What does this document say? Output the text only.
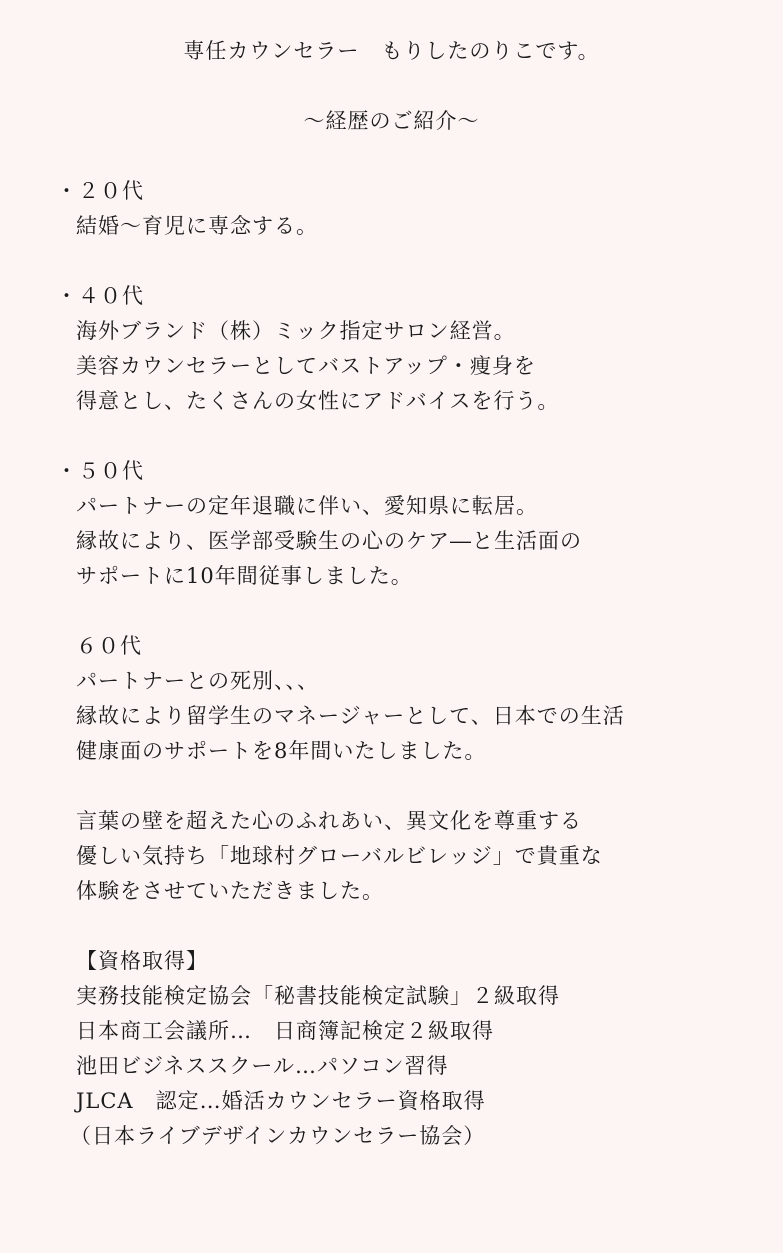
専任カウンセラー　もりしたのりこです。
～経歴のご紹介～
・２０代
結婚～育児に専念する。
・４０代
海外ブランド（株）ミック指定サロン経営。
美容カウンセラーとしてバストアップ・痩身を
得意とし、たくさんの女性にアドバイスを行う。
・５０代
パートナーの定年退職に伴い、愛知県に転居。
縁故により、医学部受験生の心のケア―と生活面の
サポートに10年間従事しました。
６０代
パートナーとの死別、、、
縁故により留学生のマネージャーとして、日本での生活
健康面のサポートを8年間いたしました。
言葉の壁を超えた心のふれあい、異文化を尊重する
優しい気持ち「地球村グローバルビレッジ」で貴重な
体験をさせていただきました。
【資格取得】
実務技能検定協会「秘書技能検定試験」２級取得
日本商工会議所…　日商簿記検定２級取得
池田ビジネススクール…パソコン習得
JLCA　認定…婚活カウンセラー資格取得
（日本ライブデザインカウンセラー協会）
